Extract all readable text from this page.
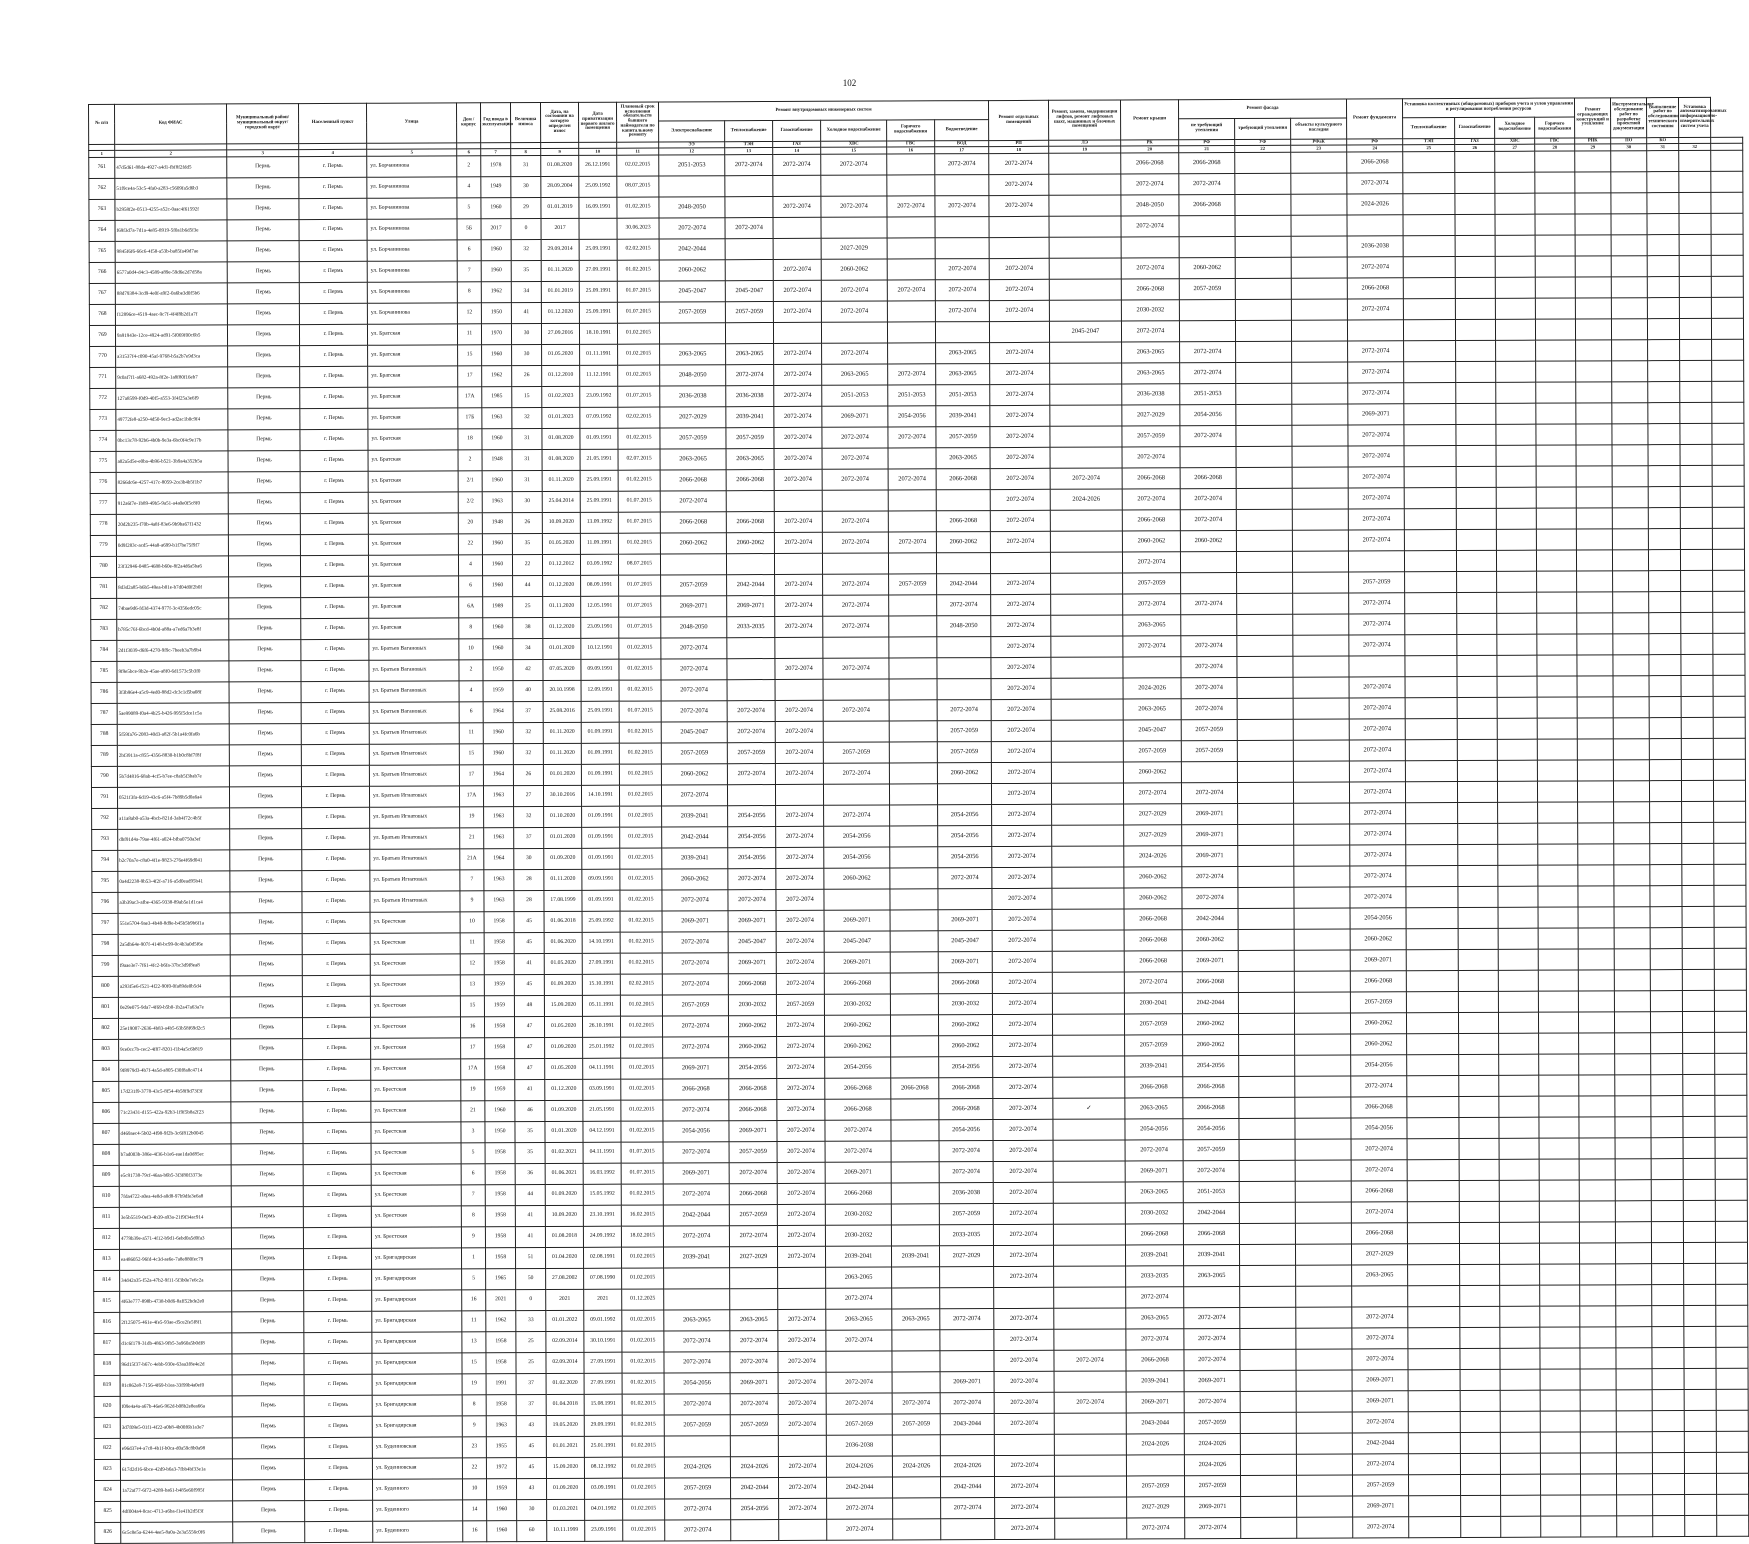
102
№ п/п	Код ФИАС	Муниципальный район/муниципальный округ/городской округ	Населенный пункт	Улица	Дом / корпус	Год ввода в эксплуатацию	Величина износа	Дата, на состоянии на которую определен износ	Дата приватизации первого жилого помещения	Плановый срок исполнения обязательств бывшего наймодателя по капитальному ремонту	Ремонт внутридомовых инженерных систем						Ремонт отдельных помещений	Ремонт, замена, модернизация лифтов, ремонт лифтовых шахт, машинных и блочных помещений	Ремонт крыши	Ремонт фасада			Ремонт фундамента	Установка коллективных (общедомовых) приборов учета и узлов управления и регулирования потребления ресурсов				Ремонт ограждающих конструкций и утепление	Инструментальное обследование работ по разработке проектной документации	Выполнение работ по обследованию технического состояния	Установка автоматизированных информационно-измерительных систем учета	
											Электроснабжение	Теплоснабжение	Газоснабжение	Холодное водоснабжение	Горячего водоснабжения	Водоотведение				не требующий утепления	требующий утепления	объекты культурного наследия		Теплоснабжение	Газоснабжение	Холодное водоснабжение	Горячего водоснабжения					
											ЭЭ	ТЭН	ГАЗ	ХВС	ГВС	ВОД	РП	ЛЭ	РК	РФ	УФ	РФаК	РФ	ТЭП	ГАЗ	ХВС	ГВС	РНК	ПО	КО		
1	2	3	4	5	6	7	8	9	10	11	12	13	14	15	16	17	18	19	20	21	22	23	24	25	26	27	28	29	30	31	32	
761	47d5d61-88da-4927-a4d1-fbf8f2fdd5	Пермь	г. Пермь	ул. Борчанинова	2	1978	31	01.08.2020	26.12.1991	02.02.2015	2051-2053	2072-2074	2072-2074	2072-2074		2072-2074	2072-2074		2066-2068	2066-2068			2066-2068									
762	51f9ce4a-53c5-4fa0-a283-c5609fa5d6b3	Пермь	г. Пермь	ул. Борчанинова	4	1949	30	28.09.2004	25.09.1992	08.07.2015							2072-2074		2072-2074	2072-2074			2072-2074									
763	b2958f2e-0513-4255-a52c-0aac4f61592f	Пермь	г. Пермь	ул. Борчанинова	5	1960	29	01.01.2019	16.09.1991	01.02.2015	2048-2050		2072-2074	2072-2074	2072-2074	2072-2074	2072-2074		2048-2050	2066-2068			2024-2026									
764	f69f3d7a-7d1a-4e85-8919-5f0a1b6d5f3e	Пермь	г. Пермь	ул. Борчанинова	5Б	2017	0	2017		30.06.2023	2072-2074	2072-2074							2072-2074													
765	9845f6f6-66c6-4f58-a53b-ba85fa49d7ae	Пермь	г. Пермь	ул. Борчанинова	6	1960	32	29.09.2014	25.09.1991	02.02.2015	2042-2044			2027-2029									2036-2038									
766	6577a0d4-d4c3-4589-a89e-59d6e2d7d58a	Пермь	г. Пермь	ул. Борчанинова	7	1960	35	01.11.2020	27.09.1991	01.02.2015	2060-2062		2072-2074	2060-2062		2072-2074	2072-2074		2072-2074	2060-2062			2072-2074									
767	88d79384-3cd9-4e0f-a9f2-0a6be3d0f5b6	Пермь	г. Пермь	ул. Борчанинова	8	1962	34	01.01.2019	25.09.1991	01.07.2015	2045-2047	2045-2047	2072-2074	2072-2074	2072-2074	2072-2074	2072-2074		2066-2068	2057-2059			2066-2068									
768	f12896ce-4519-4aec-9c7f-4f4f8b2d1a7f	Пермь	г. Пермь	ул. Борчанинова	12	1950	41	01.12.2020	25.09.1991	01.07.2015	2057-2059	2057-2059	2072-2074	2072-2074		2072-2074	2072-2074		2030-2032				2072-2074									
769	9a91943e-12ce-4924-ad91-5f069f00c6b5	Пермь	г. Пермь	ул. Братская	11	1970	30	27.09.2016	18.10.1991	01.02.2015								2045-2047	2072-2074													
770	a31537f4-c090-45af-9768-b5a2b7e9d3ca	Пермь	г. Пермь	ул. Братская	15	1960	30	01.05.2020	01.11.1991	01.02.2015	2063-2065	2063-2065	2072-2074	2072-2074		2063-2065	2072-2074		2063-2065	2072-2074			2072-2074									
771	9c0af7f1-a682-492a-8f2e-1a8f80f16eb7	Пермь	г. Пермь	ул. Братская	17	1962	26	01.12.2010	11.12.1991	01.02.2015	2048-2050	2072-2074	2072-2074	2063-2065	2072-2074	2063-2065	2072-2074		2063-2065	2072-2074			2072-2074									
772	127a8599-f0d9-40f5-a553-3f4f25a3e6f9	Пермь	г. Пермь	ул. Братская	17А	1985	15	01.02.2023	23.09.1992	01.07.2015	2036-2038	2036-2038	2072-2074	2051-2053	2051-2053	2051-2053	2072-2074		2036-2038	2051-2053			2072-2074									
773	49772fe8-a250-4d50-9ec3-ad2ac1b0c9f4	Пермь	г. Пермь	ул. Братская	17Б	1963	32	01.01.2023	07.09.1992	02.02.2015	2027-2029	2039-2041	2072-2074	2069-2071	2054-2056	2039-2041	2072-2074		2027-2029	2054-2056			2069-2071									
774	0bc13c78-92b6-4b0b-9e3a-6bc0f4c9e17b	Пермь	г. Пермь	ул. Братская	18	1960	31	01.08.2020	01.09.1991	01.02.2015	2057-2059	2057-2059	2072-2074	2072-2074	2072-2074	2057-2059	2072-2074		2057-2059	2072-2074			2072-2074									
775	a02a5d5e-e0ba-4b96-b521-3b9a4a352b5a	Пермь	г. Пермь	ул. Братская	2	1948	31	01.08.2020	21.05.1991	02.07.2015	2063-2065	2063-2065	2072-2074	2072-2074		2063-2065	2072-2074		2072-2074				2072-2074									
776	8266dc6e-4257-417c-8059-2ce3b4b5f1b7	Пермь	г. Пермь	ул. Братская	2/1	1960	31	01.11.2020	25.09.1991	01.02.2015	2066-2068	2066-2068	2072-2074	2072-2074	2072-2074	2066-2068	2072-2074	2072-2074	2066-2068	2066-2068			2072-2074									
777	912a6f7e-1b89-49b5-9a51-a4a0e0f5c8f0	Пермь	г. Пермь	ул. Братская	2/2	1963	30	25.04.2014	25.09.1991	01.07.2015	2072-2074						2072-2074	2024-2026	2072-2074	2072-2074			2072-2074									
778	20d2b235-f70b-4a8f-83e6-9b9ba67f1432	Пермь	г. Пермь	ул. Братская	20	1948	26	10.09.2020	13.09.1992	01.07.2015	2066-2068	2066-2068	2072-2074	2072-2074		2066-2068	2072-2074		2066-2068	2072-2074			2072-2074									
779	0d9f283c-acd5-44a8-a699-b1f7be75f9f7	Пермь	г. Пермь	ул. Братская	22	1960	35	01.05.2020	11.09.1991	01.02.2015	2060-2062	2060-2062	2072-2074	2072-2074	2072-2074	2060-2062	2072-2074		2060-2062	2060-2062			2072-2074									
780	23f32946-0485-4688-b60e-8f2a4d6a5ba6	Пермь	г. Пермь	ул. Братская	4	1960	22	01.12.2012	03.09.1992	08.07.2015									2072-2074													
781	8d3d2a85-b6b5-49ea-b01e-b7d04d0f2b0f	Пермь	г. Пермь	ул. Братская	6	1960	44	01.12.2020	08.09.1991	01.07.2015	2057-2059	2042-2044	2072-2074	2072-2074	2057-2059	2042-2044	2072-2074		2057-2059				2057-2059									
782	74bae9d6-fd3d-4374-977f-3c4356edc05c	Пермь	г. Пермь	ул. Братская	6А	1989	25	01.11.2020	12.05.1991	01.07.2015	2069-2071	2069-2071	2072-2074	2072-2074		2072-2074	2072-2074		2072-2074	2072-2074			2072-2074									
783	b785c76f-6bcd-4b0d-a88a-a7ed6a7b3e8f	Пермь	г. Пермь	ул. Братская	8	1960	38	01.12.2020	23.09.1991	01.07.2015	2048-2050	2033-2035	2072-2074	2072-2074		2048-2050	2072-2074		2063-2065				2072-2074									
784	2d1f3039-d6f6-4270-9f9c-7beeb3a7b9b4	Пермь	г. Пермь	ул. Братьев Вагановых	10	1960	34	01.01.2020	10.12.1991	01.02.2015	2072-2074						2072-2074		2072-2074	2072-2074			2072-2074									
785	9f9e5bce-9b2e-45ae-a8f0-6d1573c5b3f0	Пермь	г. Пермь	ул. Братьев Вагановых	2	1950	42	07.05.2020	09.09.1991	01.02.2015	2072-2074		2072-2074	2072-2074			2072-2074			2072-2074												
786	3f3b96e4-a5c9-4ed0-88d2-dc3c1d5ba08f	Пермь	г. Пермь	ул. Братьев Вагановых	4	1959	40	20.10.1998	12.09.1991	01.02.2015	2072-2074						2072-2074		2024-2026	2072-2074			2072-2074									
787	5ae99089-f0a4-4b25-b426-995f5dce1c5a	Пермь	г. Пермь	ул. Братьев Вагановых	6	1964	37	25.08.2016	25.09.1991	01.07.2015	2072-2074	2072-2074	2072-2074	2072-2074		2072-2074	2072-2074		2063-2065	2072-2074			2072-2074									
788	5f59fa76-2083-40d3-a82f-5b1a4fc0fa6b	Пермь	г. Пермь	ул. Братьев Игнатовых	11	1960	32	01.11.2020	01.09.1991	01.02.2015	2045-2047	2072-2074	2072-2074			2057-2059	2072-2074		2045-2047	2057-2059			2072-2074									
789	2bf3911a-c855-4356-8830-b1b0c8bf7f8f	Пермь	г. Пермь	ул. Братьев Игнатовых	15	1960	32	01.11.2020	01.09.1991	01.02.2015	2057-2059	2057-2059	2072-2074	2057-2059		2057-2059	2072-2074		2057-2059	2057-2059			2072-2074									
790	5b7d4816-68ab-4cf5-b7ee-c8ab5f3bab7e	Пермь	г. Пермь	ул. Братьев Игнатовых	17	1964	26	01.01.2020	01.09.1991	01.02.2015	2060-2062	2072-2074	2072-2074	2072-2074		2060-2062	2072-2074		2060-2062				2072-2074									
791	0521f3fa-6d19-43c6-a5f4-7b89b5d0a6a4	Пермь	г. Пермь	ул. Братьев Игнатовых	17А	1963	27	30.10.2016	14.10.1991	01.02.2015	2072-2074						2072-2074		2072-2074	2072-2074			2072-2074									
792	a11a8ab0-a53a-4bcb-821d-3ab4f72c4b5f	Пермь	г. Пермь	ул. Братьев Игнатовых	19	1963	32	01.10.2020	01.09.1991	01.02.2015	2039-2041	2054-2056	2072-2074	2072-2074		2054-2056	2072-2074		2027-2029	2069-2071			2072-2074									
793	dbf91d4a-79ae-4f61-a024-bfba0750a3ef	Пермь	г. Пермь	ул. Братьев Игнатовых	21	1963	37	01.01.2020	01.09.1991	01.02.2015	2042-2044	2054-2056	2072-2074	2054-2056		2054-2056	2072-2074		2027-2029	2069-2071			2072-2074									
794	b2c70a7e-c8a0-4f1e-9823-276e4f69d041	Пермь	г. Пермь	ул. Братьев Игнатовых	21А	1964	30	01.09.2020	01.09.1991	01.02.2015	2039-2041	2054-2056	2072-2074	2054-2056		2054-2056	2072-2074		2024-2026	2069-2071			2072-2074									
795	0a4d2238-9b53-4f2f-a716-a5d0ead95b41	Пермь	г. Пермь	ул. Братьев Игнатовых	7	1963	28	01.11.2020	09.09.1991	01.02.2015	2060-2062	2072-2074	2072-2074	2060-2062		2072-2074	2072-2074		2060-2062	2072-2074			2072-2074									
796	a3b39ac3-afbe-4365-9338-89ab5e1d1ca4	Пермь	г. Пермь	ул. Братьев Игнатовых	9	1963	28	17.08.1999	01.09.1991	01.02.2015	2072-2074	2072-2074	2072-2074				2072-2074		2060-2062	2072-2074			2072-2074									
797	551e5704-9ae3-4b48-8d9e-b45b5b9b6f1a	Пермь	г. Пермь	ул. Брестская	10	1958	45	01.06.2018	25.09.1992	01.02.2015	2069-2071	2069-2071	2072-2074	2069-2071		2069-2071	2072-2074		2066-2068	2042-2044			2054-2056									
798	2a5db64e-907f-4148-bc99-0c4b3a0d5f6e	Пермь	г. Пермь	ул. Брестская	11	1958	45	01.06.2020	14.10.1991	01.02.2015	2072-2074	2045-2047	2072-2074	2045-2047		2045-2047	2072-2074		2066-2068	2060-2062			2060-2062									
799	f9aae3e7-7f61-4fc2-b6fa-37bc3d9f8ea8	Пермь	г. Пермь	ул. Брестская	12	1958	41	01.05.2020	27.09.1991	01.02.2015	2072-2074	2069-2071	2072-2074	2069-2071		2069-2071	2072-2074		2066-2068	2069-2071			2069-2071									
800	a293f5e6-f521-4f22-90f0-0fa89de0b5d4	Пермь	г. Пермь	ул. Брестская	13	1959	45	01.09.2020	15.10.1991	02.02.2015	2072-2074	2066-2068	2072-2074	2066-2068		2066-2068	2072-2074		2072-2074	2066-2068			2066-2068									
801	0e29e075-9da7-4f69-b5b0-1b2a47a63a7e	Пермь	г. Пермь	ул. Брестская	15	1959	48	15.09.2020	05.11.1991	01.02.2015	2057-2059	2030-2032	2057-2059	2030-2032		2030-2032	2072-2074		2030-2041	2042-2044			2057-2059									
802	25e19007-2636-4b83-a4b5-63b58f69d2c5	Пермь	г. Пермь	ул. Брестская	16	1958	47	01.05.2020	26.10.1991	01.02.2015	2072-2074	2060-2062	2072-2074	2060-2062		2060-2062	2072-2074		2057-2059	2060-2062			2060-2062									
803	9ce0cc7b-cec2-4f87-8201-f1b4a5c6b819	Пермь	г. Пермь	ул. Брестская	17	1958	47	01.09.2020	25.01.1992	01.02.2015	2072-2074	2060-2062	2072-2074	2060-2062		2060-2062	2072-2074		2057-2059	2060-2062			2060-2062									
804	9f8979d3-4b7f-4a5d-a805-f30f8a8c4714	Пермь	г. Пермь	ул. Брестская	17А	1958	47	01.05.2020	04.11.1991	01.02.2015	2069-2071	2054-2056	2072-2074	2054-2056		2054-2056	2072-2074		2039-2041	2054-2056			2054-2056									
805	17d231f9-3778-43c5-8f54-4b58f9d73f3f	Пермь	г. Пермь	ул. Брестская	19	1959	41	01.12.2020	03.09.1991	01.02.2015	2066-2068	2066-2068	2072-2074	2066-2068	2066-2068	2066-2068	2072-2074		2066-2068	2066-2068			2072-2074									
806	71c23431-d155-422a-92b3-1f9f5b8a2f23	Пермь	г. Пермь	ул. Брестская	21	1960	46	01.09.2020	21.05.1991	01.02.2015	2072-2074	2066-2068	2072-2074	2066-2068		2066-2068	2072-2074	✓	2063-2065	2066-2068			2066-2068									
807	d469aec4-5b02-4f98-9f2b-3c6f812b0045	Пермь	г. Пермь	ул. Брестская	3	1950	35	01.01.2020	04.12.1991	01.02.2015	2054-2056	2069-2071	2072-2074	2072-2074		2054-2056	2072-2074		2054-2056	2054-2056			2054-2056									
808	b7ad003b-386e-4f36-b1e6-eae1da0d85ec	Пермь	г. Пермь	ул. Брестская	5	1958	35	01.02.2021	04.11.1991	01.07.2015	2072-2074	2057-2059	2072-2074	2072-2074		2072-2074	2072-2074		2072-2074	2057-2059			2072-2074									
809	e5c91738-79cf-46aa-b6b5-3f3f80f3373e	Пермь	г. Пермь	ул. Брестская	6	1958	36	01.06.2021	16.03.1992	01.07.2015	2069-2071	2072-2074	2072-2074	2069-2071		2072-2074	2072-2074		2069-2071	2072-2074			2072-2074									
810	7fda4722-a0ea-4e8d-a0d8-97b9dfe3e6a8	Пермь	г. Пермь	ул. Брестская	7	1958	44	01.09.2020	15.05.1992	01.02.2015	2072-2074	2066-2068	2072-2074	2066-2068		2036-2038	2072-2074		2063-2065	2051-2053			2066-2068									
811	3e5b5519-0ef3-4b39-a93a-21f9f34ac914	Пермь	г. Пермь	ул. Брестская	8	1958	41	10.09.2020	23.10.1991	16.02.2015	2042-2044	2057-2059	2072-2074	2030-2032		2057-2059	2072-2074		2030-2032	2042-2044			2072-2074									
812	4779b39e-a571-4f12-b9d1-6ebd0a5d0fa3	Пермь	г. Пермь	ул. Брестская	9	1958	41	01.08.2018	24.09.1992	18.02.2015	2072-2074	2072-2074	2072-2074	2030-2032		2033-2035	2072-2074		2066-2068	2066-2068			2066-2068									
813	ea486052-96fd-4c3d-ae6e-7a8e880fec79	Пермь	г. Пермь	ул. Бригадирская	1	1958	51	01.04.2020	02.08.1991	01.02.2015	2039-2041	2027-2029	2072-2074	2039-2041	2039-2041	2027-2029	2072-2074		2039-2041	2039-2041			2027-2029									
814	34d42a35-f52a-47b2-9f11-5f3b0e7e6c2a	Пермь	г. Пермь	ул. Бригадирская	5	1965	50	27.08.2002	07.08.1990	01.02.2015				2063-2065			2072-2074		2033-2035	2063-2065			2063-2065									
815	4f63e777-898b-4738-b0d6-8aff52bde2e0	Пермь	г. Пермь	ул. Бригадирская	16	2021	0	2021	2021	01.12.2025				2072-2074					2072-2074													
816	2f125075-461e-4fe5-93ae-d5ce2fe5f8f1	Пермь	г. Пермь	ул. Бригадирская	11	1962	33	01.01.2022	09.01.1992	01.02.2015	2063-2065	2063-2065	2072-2074	2063-2065	2063-2065	2072-2074	2072-2074		2063-2065	2072-2074			2072-2074									
817	d1c6f179-31db-4863-9fb5-3a960a5b0df8	Пермь	г. Пермь	ул. Бригадирская	13	1958	25	02.09.2014	30.10.1991	01.02.2015	2072-2074	2072-2074	2072-2074	2072-2074			2072-2074		2072-2074	2072-2074			2072-2074									
818	96d15f37-b67c-4ebb-930e-63aa3f8e4e2d	Пермь	г. Пермь	ул. Бригадирская	15	1958	25	02.09.2014	27.09.1991	01.02.2015	2072-2074	2072-2074	2072-2074				2072-2074	2072-2074	2066-2068	2072-2074			2072-2074									
819	81c862e8-7156-4f69-b1ea-33f99b4a0ef0	Пермь	г. Пермь	ул. Бригадирская	19	1991	37	01.02.2020	27.09.1991	01.02.2015	2054-2056	2069-2071	2072-2074	2072-2074		2069-2071	2072-2074		2039-2041	2069-2071			2069-2071									
820	f09e4a4a-a67b-46e6-962d-b08b2e8ea66a	Пермь	г. Пермь	ул. Бригадирская	8	1958	37	01.04.2018	15.08.1991	01.02.2015	2072-2074	2072-2074	2072-2074	2072-2074	2072-2074	2072-2074	2072-2074	2072-2074	2069-2071	2072-2074			2069-2071									
821	3d7f09e5-01f1-4f22-a0b8-4b00f6b1a3e7	Пермь	г. Пермь	ул. Бригадирская	9	1963	43	19.05.2020	29.09.1991	01.02.2015	2057-2059	2057-2059	2072-2074	2057-2059	2057-2059	2043-2044	2072-2074		2043-2044	2057-2059			2072-2074									
822	e96d37e4-a7c8-4b1f-b0ca-d0a59c8b0a98	Пермь	г. Пермь	ул. Буденновская	23	1955	45	01.01.2021	25.01.1991	01.02.2015				2036-2038					2024-2026	2024-2026			2042-2044									
823	617d2d16-6bce-42d9-b6a3-7fbb4bf33e1a	Пермь	г. Пермь	ул. Буденновская	22	1972	45	15.09.2020	08.12.1992	01.02.2015	2024-2026	2024-2026	2072-2074	2024-2026	2024-2026	2024-2026	2072-2074			2024-2026			2072-2074									
824	1a72af77-6f72-4289-ba61-b485e60f995f	Пермь	г. Пермь	ул. Буденного	10	1959	43	01.09.2020	03.09.1991	01.02.2015	2057-2059	2042-2044	2072-2074	2042-2044		2042-2044	2072-2074		2057-2059	2057-2059			2057-2059									
825	4df004a4-0cac-4713-a6ba-f1e41b2d5f3f	Пермь	г. Пермь	ул. Буденного	14	1960	30	01.03.2021	04.01.1992	01.02.2015	2072-2074	2054-2056	2072-2074	2072-2074		2072-2074	2072-2074		2027-2029	2069-2071			2069-2071									
826	6c5c8e5a-6244-4ee5-8a0a-2e3a5556c0f6	Пермь	г. Пермь	ул. Буденного	16	1960	60	10.11.1999	23.09.1991	01.02.2015	2072-2074			2072-2074			2072-2074		2072-2074	2072-2074			2072-2074									
